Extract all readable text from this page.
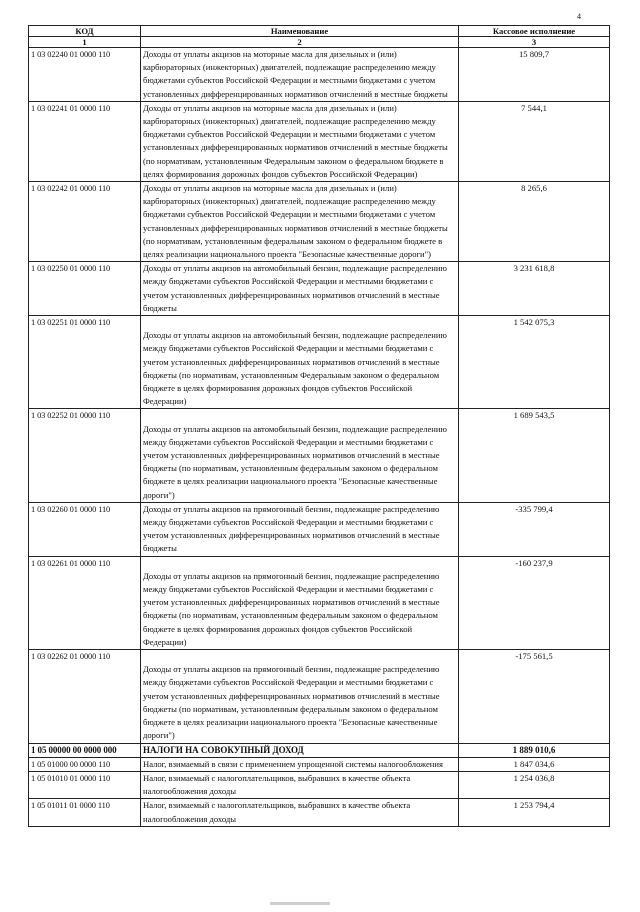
4
КОД	Наименование	Кассовое исполнение
1	2	3
1 03 02240 01 0000 110	Доходы от уплаты акцизов на моторные масла для дизельных и (или) карбюраторных (инжекторных) двигателей, подлежащие распределению между бюджетами субъектов Российской Федерации и местными бюджетами с учетом установленных дифференцированных нормативов отчислений в местные бюджеты	15 809,7
1 03 02241 01 0000 110	Доходы от уплаты акцизов на моторные масла для дизельных и (или) карбюраторных (инжекторных) двигателей, подлежащие распределению между бюджетами субъектов Российской Федерации и местными бюджетами с учетом установленных дифференцированных нормативов отчислений в местные бюджеты (по нормативам, установленным Федеральным законом о федеральном бюджете в целях формирования дорожных фондов субъектов Российской Федерации)	7 544,1
1 03 02242 01 0000 110	Доходы от уплаты акцизов на моторные масла для дизельных и (или) карбюраторных (инжекторных) двигателей, подлежащие распределению между бюджетами субъектов Российской Федерации и местными бюджетами с учетом установленных дифференцированных нормативов отчислений в местные бюджеты (по нормативам, установленным федеральным законом о федеральном бюджете в целях реализации национального проекта "Безопасные качественные дороги")	8 265,6
1 03 02250 01 0000 110	Доходы от уплаты акцизов на автомобильный бензин, подлежащие распределению между бюджетами субъектов Российской Федерации и местными бюджетами с учетом установленных дифференцированных нормативов отчислений в местные бюджеты	3 231 618,8
1 03 02251 01 0000 110	Доходы от уплаты акцизов на автомобильный бензин, подлежащие распределению между бюджетами субъектов Российской Федерации и местными бюджетами с учетом установленных дифференцированных нормативов отчислений в местные бюджеты (по нормативам, установленным Федеральным законом о федеральном бюджете в целях формирования дорожных фондов субъектов Российской Федерации)	1 542 075,3
1 03 02252 01 0000 110	Доходы от уплаты акцизов на автомобильный бензин, подлежащие распределению между бюджетами субъектов Российской Федерации и местными бюджетами с учетом установленных дифференцированных нормативов отчислений в местные бюджеты (по нормативам, установленным федеральным законом о федеральном бюджете в целях реализации национального проекта "Безопасные качественные дороги")	1 689 543,5
1 03 02260 01 0000 110	Доходы от уплаты акцизов на прямогонный бензин, подлежащие распределению между бюджетами субъектов Российской Федерации и местными бюджетами с учетом установленных дифференцированных нормативов отчислений в местные бюджеты	-335 799,4
1 03 02261 01 0000 110	Доходы от уплаты акцизов на прямогонный бензин, подлежащие распределению между бюджетами субъектов Российской Федерации и местными бюджетами с учетом установленных дифференцированных нормативов отчислений в местные бюджеты (по нормативам, установленным федеральным законом о федеральном бюджете в целях формирования дорожных фондов субъектов Российской Федерации)	-160 237,9
1 03 02262 01 0000 110	Доходы от уплаты акцизов на прямогонный бензин, подлежащие распределению между бюджетами субъектов Российской Федерации и местными бюджетами с учетом установленных дифференцированных нормативов отчислений в местные бюджеты (по нормативам, установленным федеральным законом о федеральном бюджете в целях реализации национального проекта "Безопасные качественные дороги")	-175 561,5
1 05 00000 00 0000 000	НАЛОГИ НА СОВОКУПНЫЙ ДОХОД	1 889 010,6
1 05 01000 00 0000 110	Налог, взимаемый в связи с применением упрощенной системы налогообложения	1 847 034,6
1 05 01010 01 0000 110	Налог, взимаемый с налогоплательщиков, выбравших в качестве объекта налогообложения доходы	1 254 036,8
1 05 01011 01 0000 110	Налог, взимаемый с налогоплательщиков, выбравших в качестве объекта налогообложения доходы	1 253 794,4
